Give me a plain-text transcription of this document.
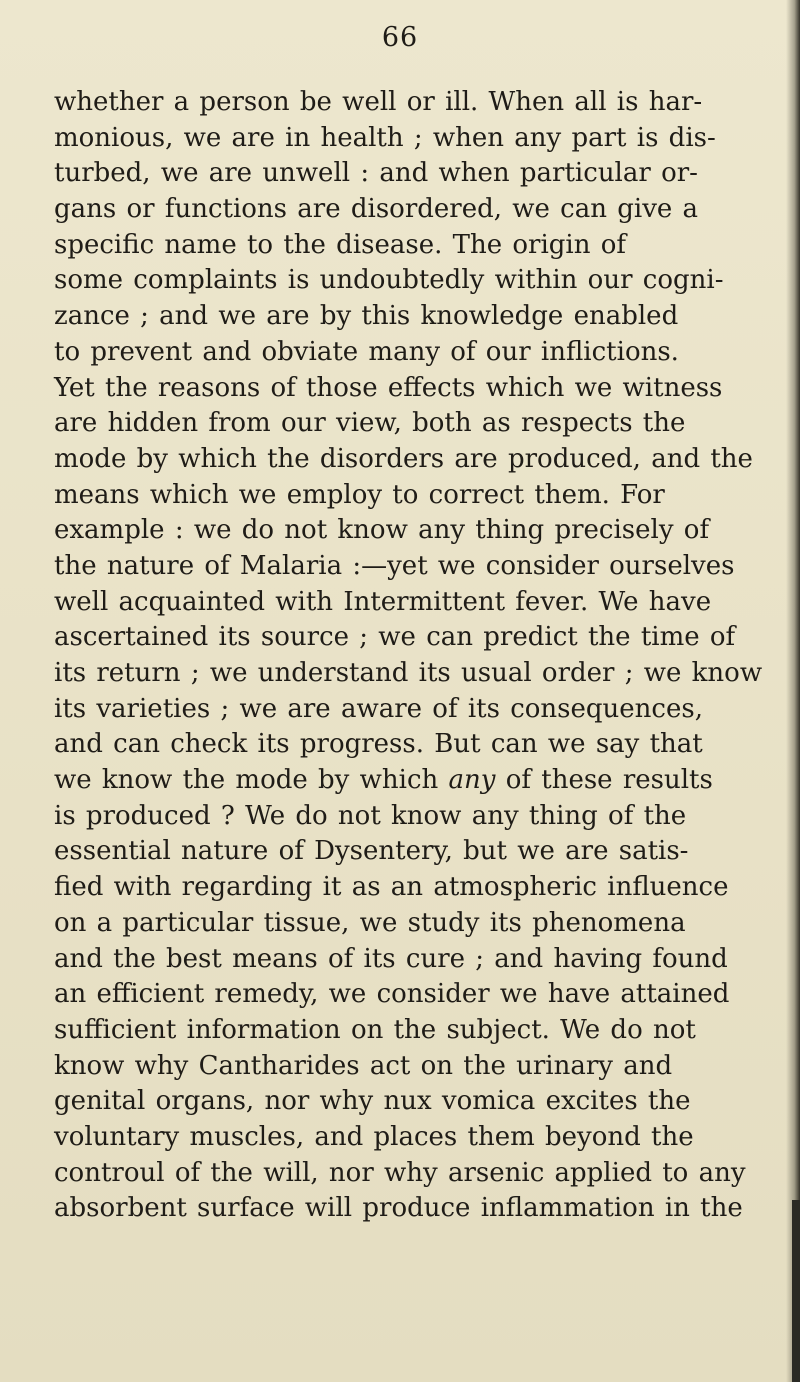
66
whether a person be well or ill. When all is har-
monious, we are in health ; when any part is dis-
turbed, we are unwell : and when particular or-
gans or functions are disordered, we can give a
specific name to the disease. The origin of
some complaints is undoubtedly within our cogni-
zance ; and we are by this knowledge enabled
to prevent and obviate many of our inflictions.
Yet the reasons of those effects which we witness
are hidden from our view, both as respects the
mode by which the disorders are produced, and the
means which we employ to correct them. For
example : we do not know any thing precisely of
the nature of Malaria :—yet we consider ourselves
well acquainted with Intermittent fever. We have
ascertained its source ; we can predict the time of
its return ; we understand its usual order ; we know
its varieties ; we are aware of its consequences,
and can check its progress. But can we say that
we know the mode by which any of these results
is produced ? We do not know any thing of the
essential nature of Dysentery, but we are satis-
fied with regarding it as an atmospheric influence
on a particular tissue, we study its phenomena
and the best means of its cure ; and having found
an efficient remedy, we consider we have attained
sufficient information on the subject. We do not
know why Cantharides act on the urinary and
genital organs, nor why nux vomica excites the
voluntary muscles, and places them beyond the
controul of the will, nor why arsenic applied to any
absorbent surface will produce inflammation in the
